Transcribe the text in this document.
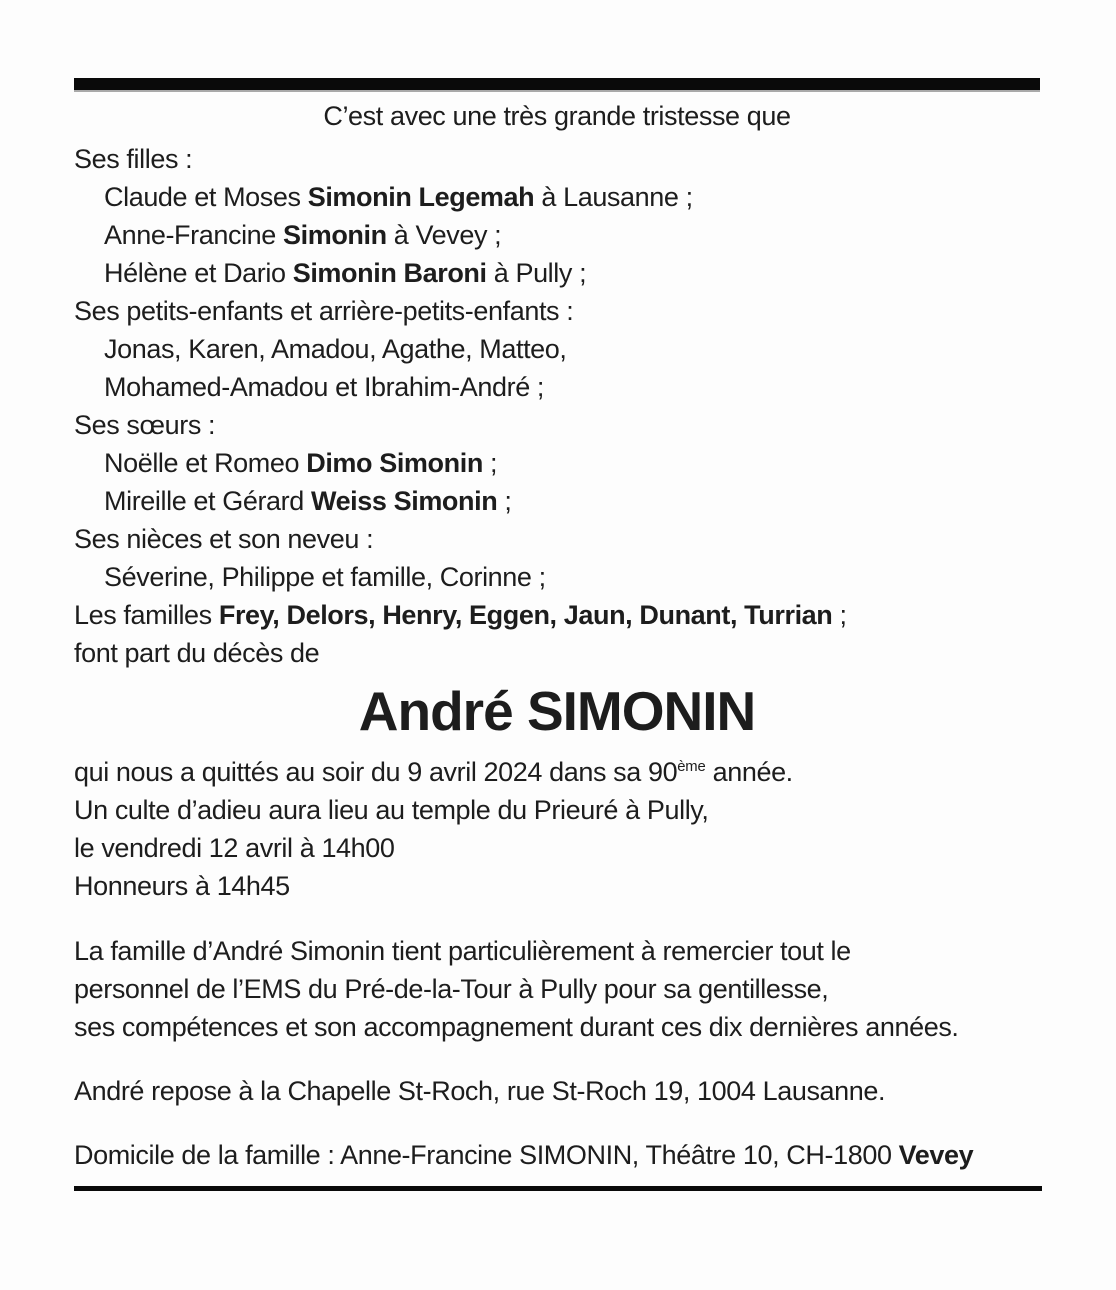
C’est avec une très grande tristesse que
Ses filles :
Claude et Moses Simonin Legemah à Lausanne ;
Anne-Francine Simonin à Vevey ;
Hélène et Dario Simonin Baroni à Pully ;
Ses petits-enfants et arrière-petits-enfants :
Jonas, Karen, Amadou, Agathe, Matteo,
Mohamed-Amadou et Ibrahim-André ;
Ses sœurs :
Noëlle et Romeo Dimo Simonin ;
Mireille et Gérard Weiss Simonin ;
Ses nièces et son neveu :
Séverine, Philippe et famille, Corinne ;
Les familles Frey, Delors, Henry, Eggen, Jaun, Dunant, Turrian ;
font part du décès de
André SIMONIN
qui nous a quittés au soir du 9 avril 2024 dans sa 90ème année.
Un culte d’adieu aura lieu au temple du Prieuré à Pully,
le vendredi 12 avril à 14h00
Honneurs à 14h45
La famille d’André Simonin tient particulièrement à remercier tout le
personnel de l’EMS du Pré-de-la-Tour à Pully pour sa gentillesse,
ses compétences et son accompagnement durant ces dix dernières années.
André repose à la Chapelle St-Roch, rue St-Roch 19, 1004 Lausanne.
Domicile de la famille : Anne-Francine SIMONIN, Théâtre 10, CH-1800 Vevey
